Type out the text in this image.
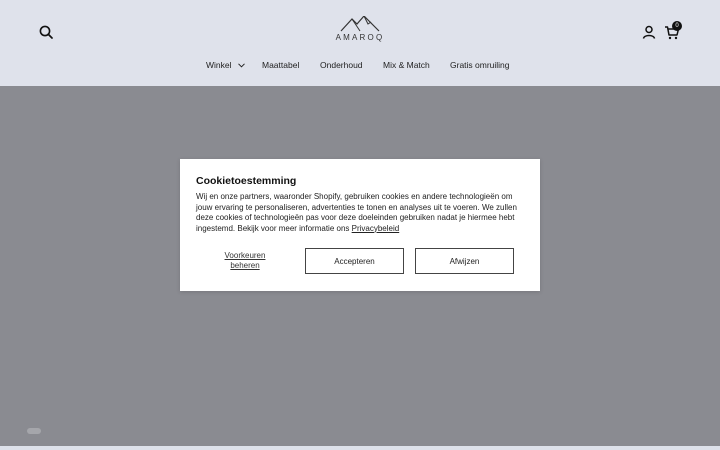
AMAROQ
0
Winkel	Maattabel Onderhoud Mix & Match Gratis omruiling
Cookietoestemming
Wij en onze partners, waaronder Shopify, gebruiken cookies en andere technologieën om jouw ervaring te personaliseren, advertenties te tonen en analyses uit te voeren. We zullen deze cookies of technologieën pas voor deze doeleinden gebruiken nadat je hiermee hebt ingestemd. Bekijk voor meer informatie ons Privacybeleid
Voorkeuren beheren	Accepteren	Afwijzen
